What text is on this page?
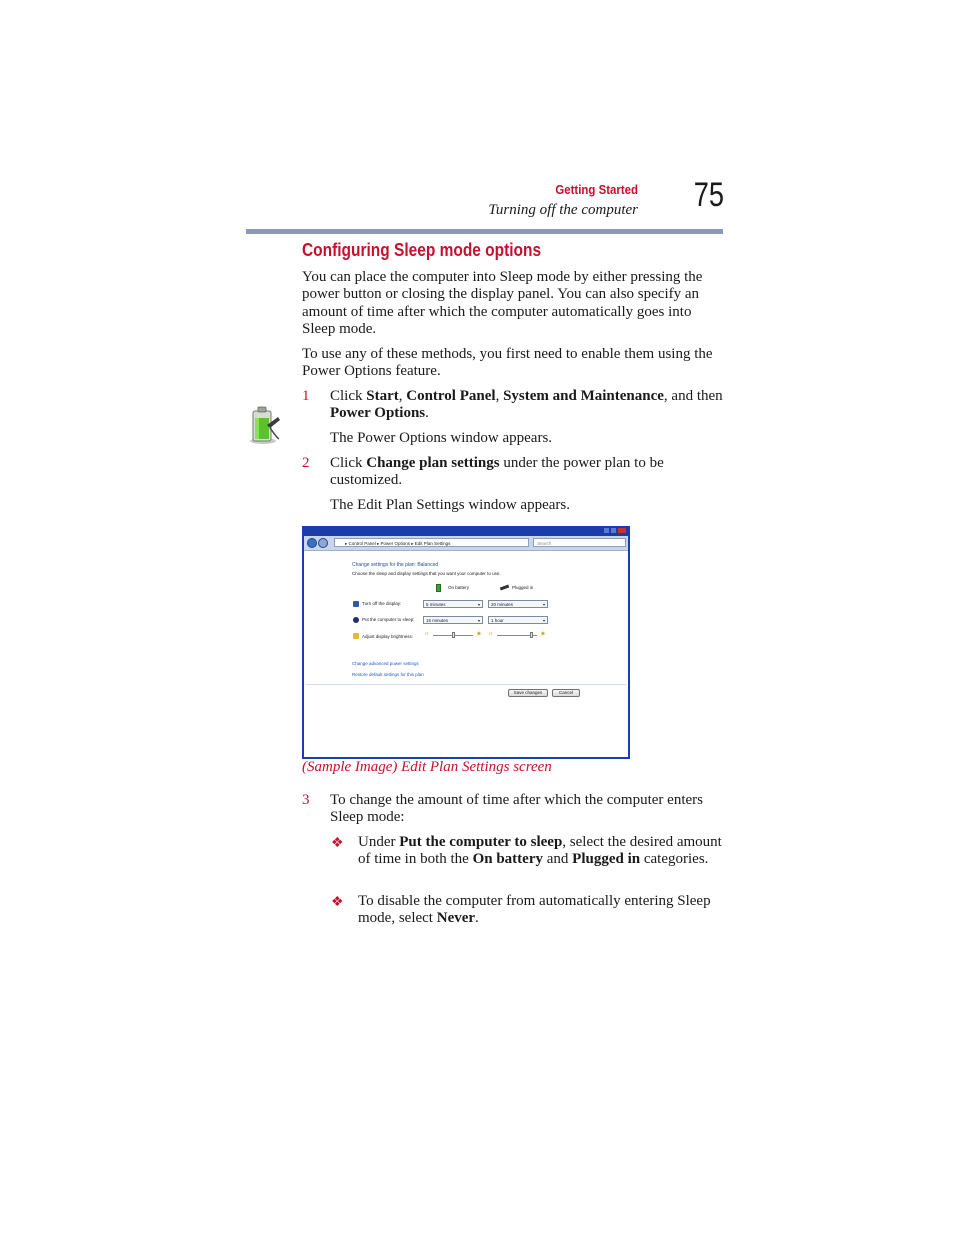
Getting Started
Turning off the computer	75
Configuring Sleep mode options
You can place the computer into Sleep mode by either pressing the power button or closing the display panel. You can also specify an amount of time after which the computer automatically goes into Sleep mode.
To use any of these methods, you first need to enable them using the Power Options feature.
1 Click Start, Control Panel, System and Maintenance, and then Power Options.
The Power Options window appears.
2 Click Change plan settings under the power plan to be customized.
The Edit Plan Settings window appears.
▸ Control Panel ▸ Power Options ▸ Edit Plan Settings	Search
Change settings for the plan: Balanced
Choose the sleep and display settings that you want your computer to use.
On battery	Plugged in
Turn off the display:	5 minutes	▾	20 minutes	▾
Put the computer to sleep:	15 minutes	▾	1 hour	▾
Adjust display brightness: ☼	✷ ☼	✷
Change advanced power settings
Restore default settings for this plan
Save changes	Cancel
(Sample Image) Edit Plan Settings screen
3 To change the amount of time after which the computer enters Sleep mode:
❖ Under Put the computer to sleep, select the desired amount of time in both the On battery and Plugged in categories.
❖ To disable the computer from automatically entering Sleep mode, select Never.
